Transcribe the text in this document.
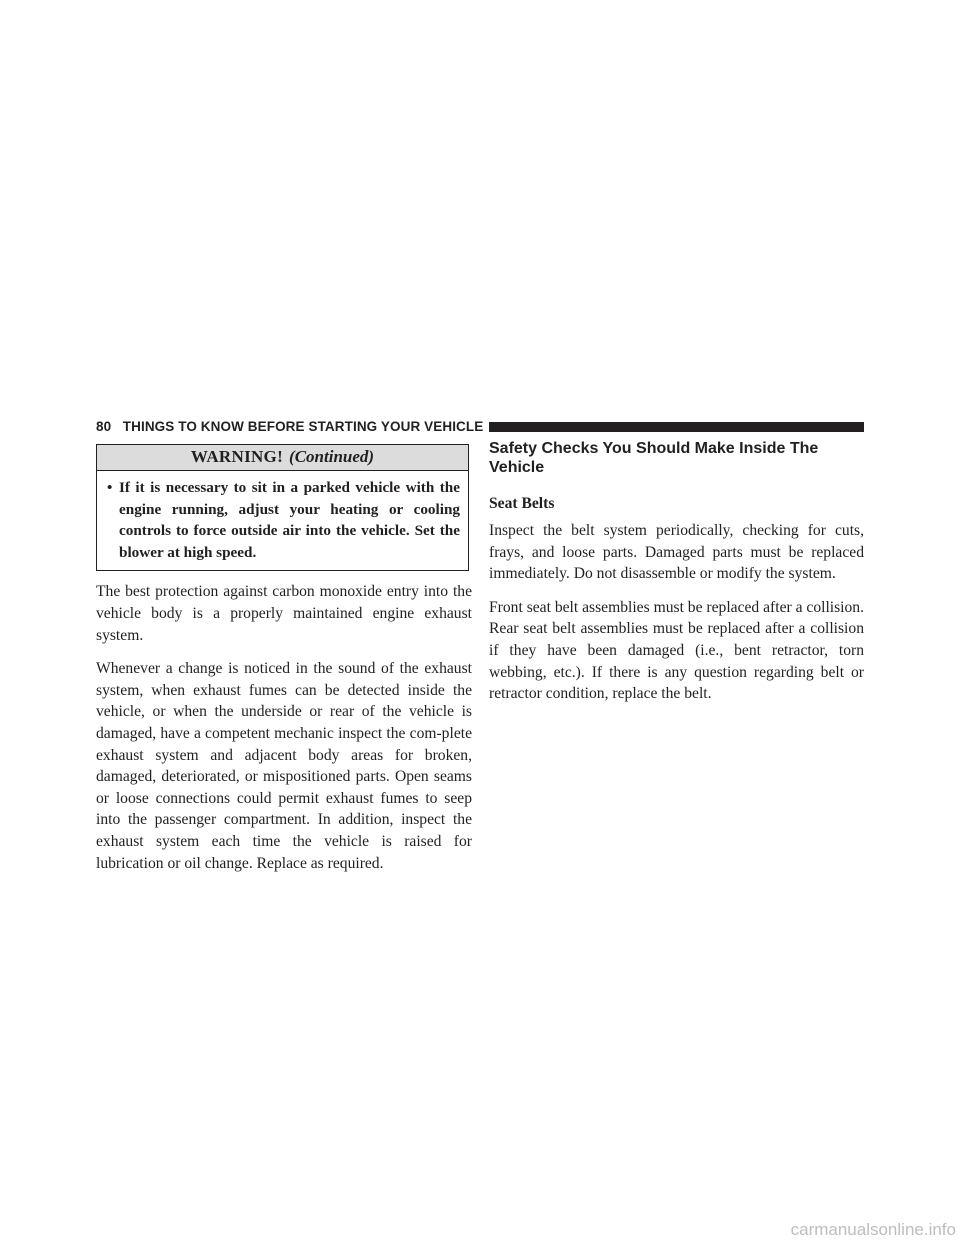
80 THINGS TO KNOW BEFORE STARTING YOUR VEHICLE
WARNING! (Continued)
• If it is necessary to sit in a parked vehicle with the engine running, adjust your heating or cooling controls to force outside air into the vehicle. Set the blower at high speed.

The best protection against carbon monoxide entry into the vehicle body is a properly maintained engine exhaust system.

Whenever a change is noticed in the sound of the exhaust system, when exhaust fumes can be detected inside the vehicle, or when the underside or rear of the vehicle is damaged, have a competent mechanic inspect the com-plete exhaust system and adjacent body areas for broken, damaged, deteriorated, or mispositioned parts. Open seams or loose connections could permit exhaust fumes to seep into the passenger compartment. In addition, inspect the exhaust system each time the vehicle is raised for lubrication or oil change. Replace as required.

Safety Checks You Should Make Inside The Vehicle
Seat Belts

Inspect the belt system periodically, checking for cuts, frays, and loose parts. Damaged parts must be replaced immediately. Do not disassemble or modify the system.

Front seat belt assemblies must be replaced after a collision. Rear seat belt assemblies must be replaced after a collision if they have been damaged (i.e., bent retractor, torn webbing, etc.). If there is any question regarding belt or retractor condition, replace the belt.

carmanualsonline.info
